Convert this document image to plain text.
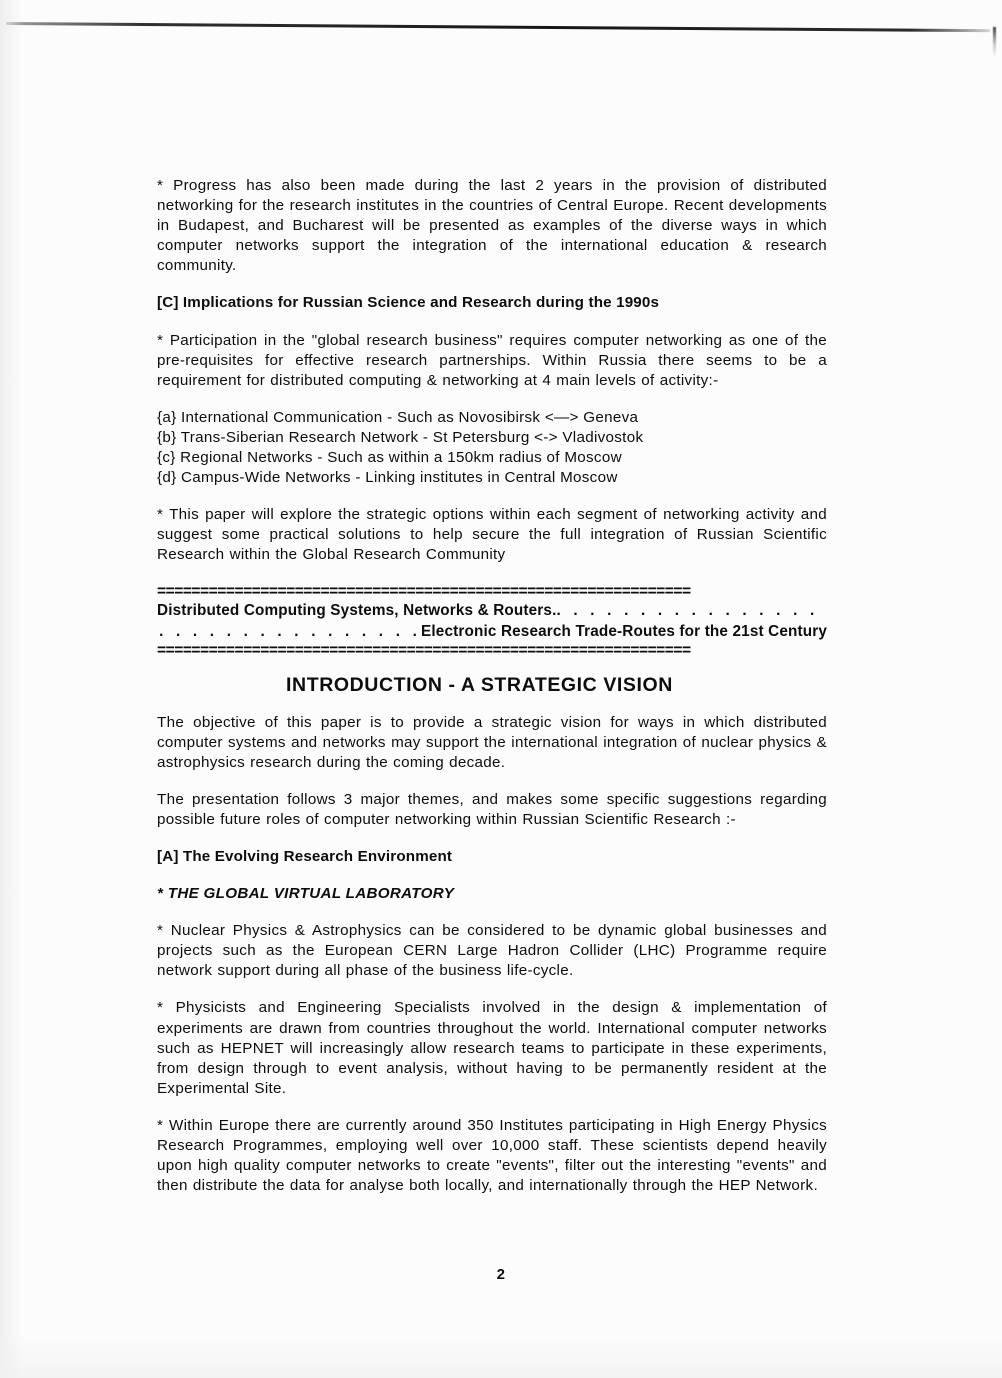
* Progress has also been made during the last 2 years in the provision of distributed networking for the research institutes in the countries of Central Europe. Recent developments in Budapest, and Bucharest will be presented as examples of the diverse ways in which computer networks support the integration of the international education & research community.

[C] Implications for Russian Science and Research during the 1990s

* Participation in the "global research business" requires computer networking as one of the pre-requisites for effective research partnerships. Within Russia there seems to be a requirement for distributed computing & networking at 4 main levels of activity:-

{a} International Communication - Such as Novosibirsk <—> Geneva
{b} Trans-Siberian Research Network - St Petersburg <-> Vladivostok
{c} Regional Networks - Such as within a 150km radius of Moscow
{d} Campus-Wide Networks - Linking institutes in Central Moscow

* This paper will explore the strategic options within each segment of networking activity and suggest some practical solutions to help secure the full integration of Russian Scientific Research within the Global Research Community

==============================================================
Distributed Computing Systems, Networks & Routers.. . . . . . . . . . . . . . . .
. . . . . . . . . . . . . . . .Electronic Research Trade-Routes for the 21st Century
==============================================================
INTRODUCTION - A STRATEGIC VISION

The objective of this paper is to provide a strategic vision for ways in which distributed computer systems and networks may support the international integration of nuclear physics & astrophysics research during the coming decade.

The presentation follows 3 major themes, and makes some specific suggestions regarding possible future roles of computer networking within Russian Scientific Research :-

[A] The Evolving Research Environment
* THE GLOBAL VIRTUAL LABORATORY

* Nuclear Physics & Astrophysics can be considered to be dynamic global businesses and projects such as the European CERN Large Hadron Collider (LHC) Programme require network support during all phase of the business life-cycle.

* Physicists and Engineering Specialists involved in the design & implementation of experiments are drawn from countries throughout the world. International computer networks such as HEPNET will increasingly allow research teams to participate in these experiments, from design through to event analysis, without having to be permanently resident at the Experimental Site.

* Within Europe there are currently around 350 Institutes participating in High Energy Physics Research Programmes, employing well over 10,000 staff. These scientists depend heavily upon high quality computer networks to create "events", filter out the interesting "events" and then distribute the data for analyse both locally, and internationally through the HEP Network.

2
